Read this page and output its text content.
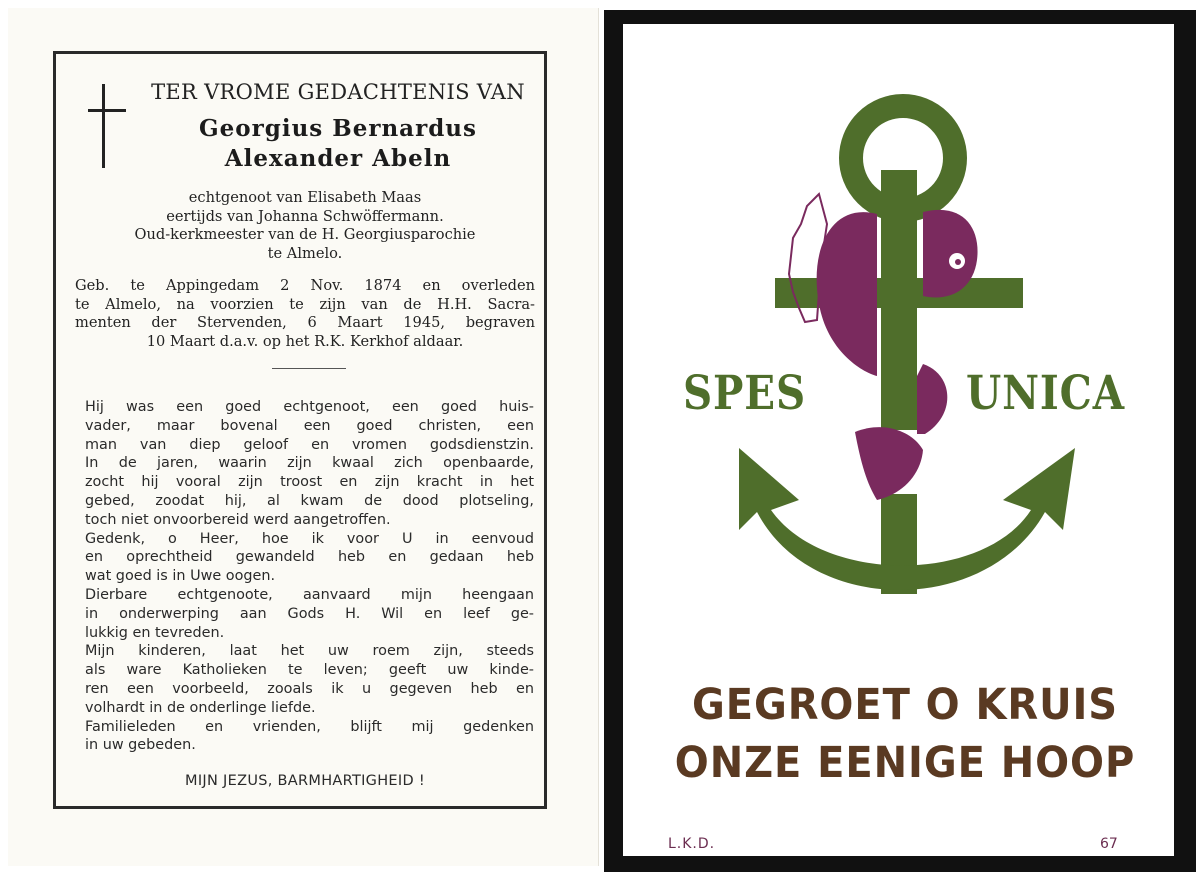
TER VROME GEDACHTENIS VAN
Georgius Bernardus
Alexander Abeln
echtgenoot van Elisabeth Maas
eertijds van Johanna Schwöffermann.
Oud-kerkmeester van de H. Georgiusparochie
te Almelo.
Geb. te Appingedam 2 Nov. 1874 en overleden
te Almelo, na voorzien te zijn van de H.H. Sacra-
menten der Stervenden, 6 Maart 1945, begraven
10 Maart d.a.v. op het R.K. Kerkhof aldaar.
Hij was een goed echtgenoot, een goed huis-
vader, maar bovenal een goed christen, een
man van diep geloof en vromen godsdienstzin.
In de jaren, waarin zijn kwaal zich openbaarde,
zocht hij vooral zijn troost en zijn kracht in het
gebed, zoodat hij, al kwam de dood plotseling,
toch niet onvoorbereid werd aangetroffen.
Gedenk, o Heer, hoe ik voor U in eenvoud
en oprechtheid gewandeld heb en gedaan heb
wat goed is in Uwe oogen.
Dierbare echtgenoote, aanvaard mijn heengaan
in onderwerping aan Gods H. Wil en leef ge-
lukkig en tevreden.
Mijn kinderen, laat het uw roem zijn, steeds
als ware Katholieken te leven; geeft uw kinde-
ren een voorbeeld, zooals ik u gegeven heb en
volhardt in de onderlinge liefde.
Familieleden en vrienden, blijft mij gedenken
in uw gebeden.
MIJN JEZUS, BARMHARTIGHEID !
SPES	UNICA
GEGROET O KRUIS
ONZE EENIGE HOOP
L.K.D.	67
